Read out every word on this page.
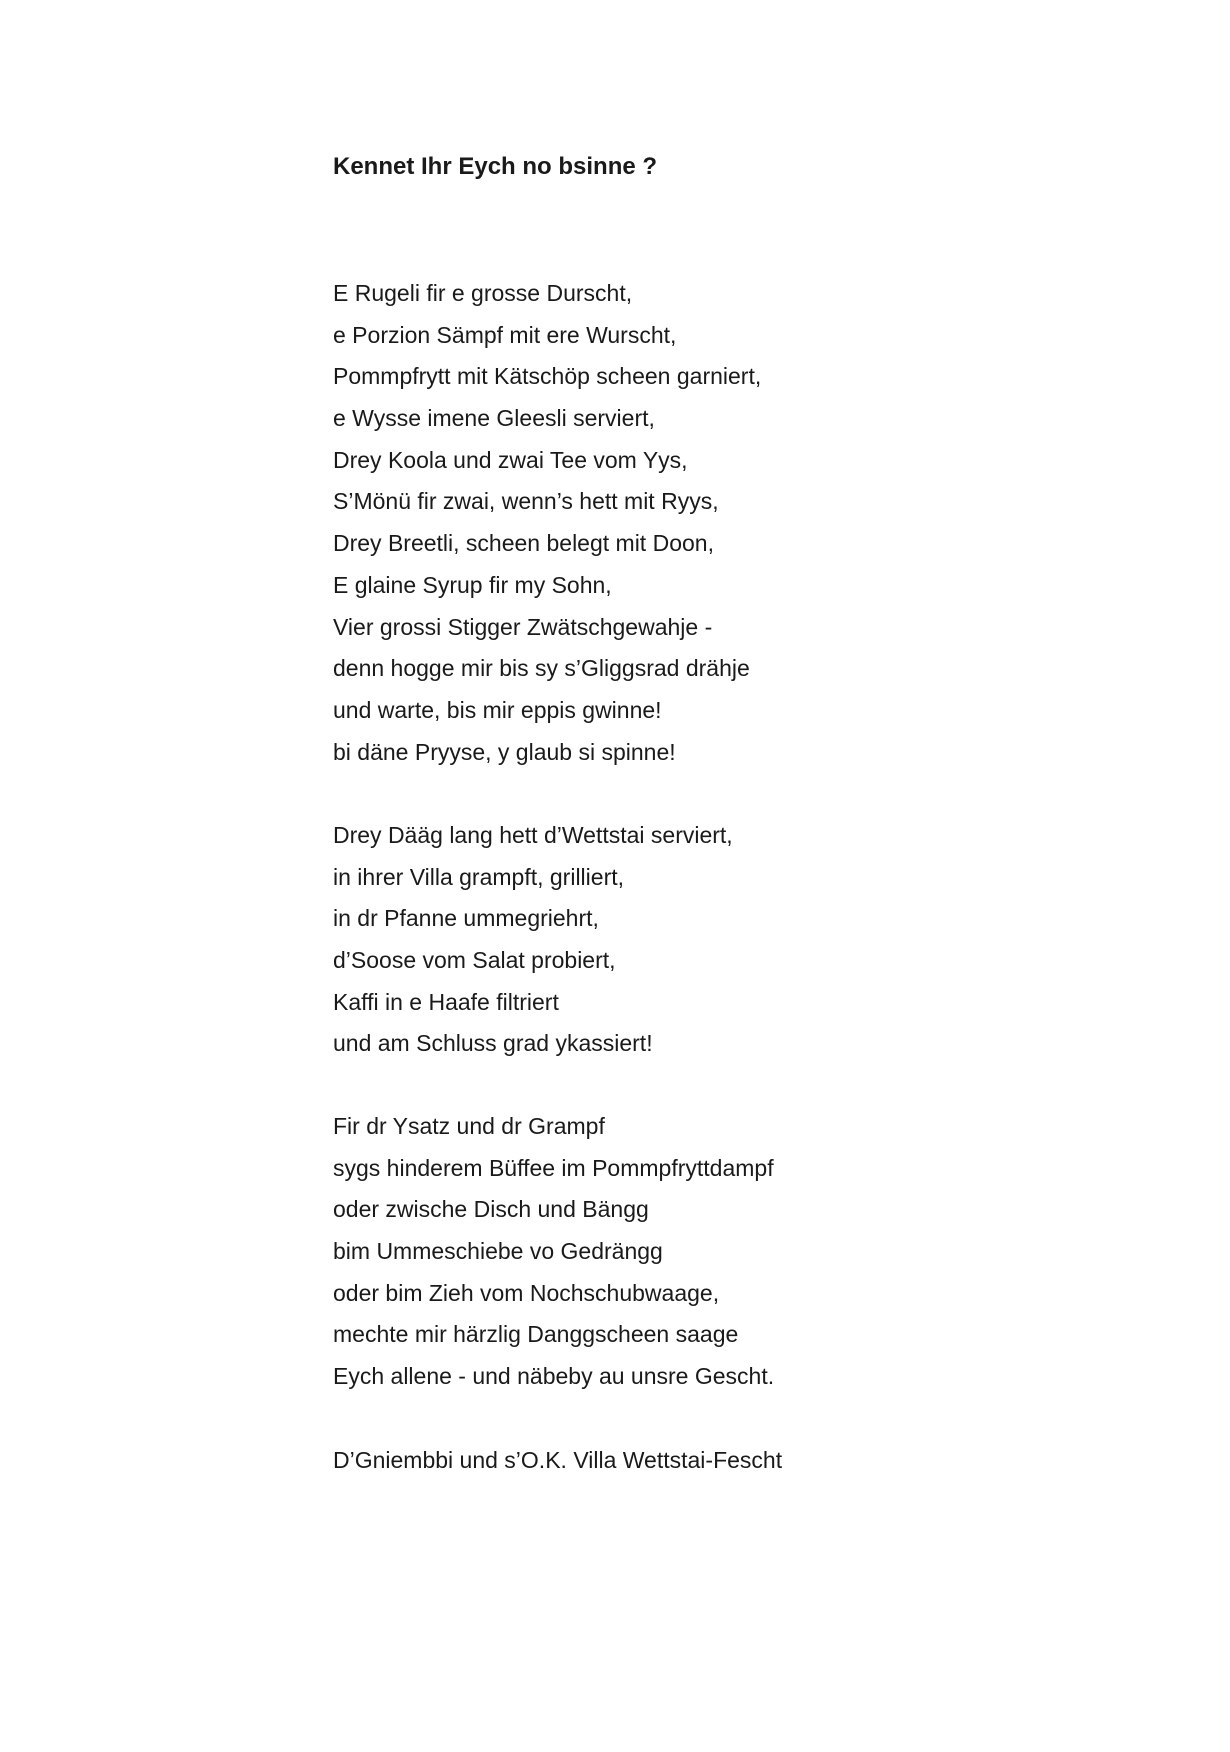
Kennet Ihr Eych no bsinne ?
E Rugeli fir e grosse Durscht,
e Porzion Sämpf mit ere Wurscht,
Pommpfrytt mit Kätschöp scheen garniert,
e Wysse imene Gleesli serviert,
Drey Koola und zwai Tee vom Yys,
S’Mönü fir zwai, wenn’s hett mit Ryys,
Drey Breetli, scheen belegt mit Doon,
E glaine Syrup fir my Sohn,
Vier grossi Stigger Zwätschgewahje -
denn hogge mir bis sy s’Gliggsrad drähje
und warte, bis mir eppis gwinne!
bi däne Pryyse, y glaub si spinne!
Drey Dääg lang hett d’Wettstai serviert,
in ihrer Villa grampft, grilliert,
in dr Pfanne ummegriehrt,
d’Soose vom Salat probiert,
Kaffi in e Haafe filtriert
und am Schluss grad ykassiert!
Fir dr Ysatz und dr Grampf
sygs hinderem Büffee im Pommpfryttdampf
oder zwische Disch und Bängg
bim Ummeschiebe vo Gedrängg
oder bim Zieh vom Nochschubwaage,
mechte mir härzlig Danggscheen saage
Eych allene - und näbeby au unsre Gescht.

D’Gniembbi und s’O.K. Villa Wettstai-Fescht
